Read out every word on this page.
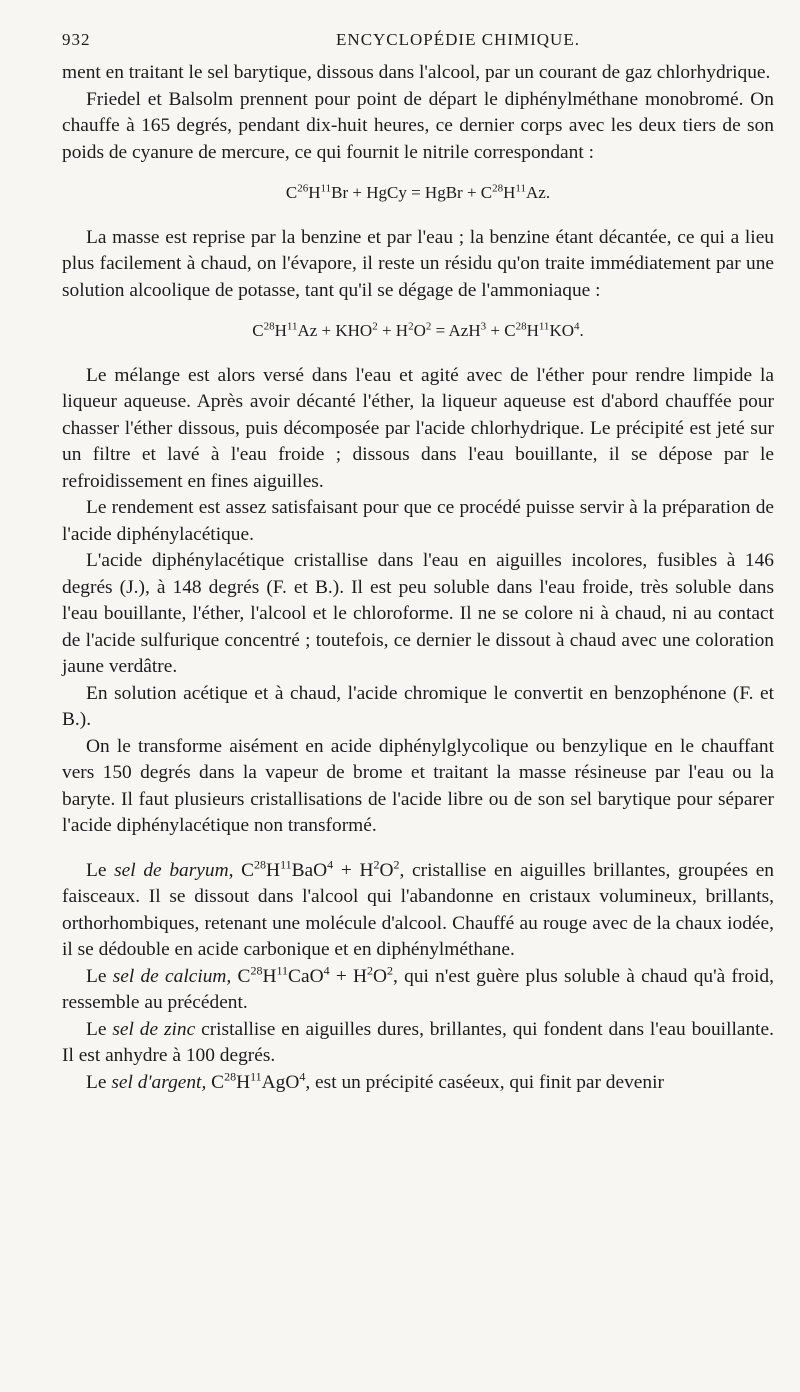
932	ENCYCLOPÉDIE CHIMIQUE.

ment en traitant le sel barytique, dissous dans l'alcool, par un courant de gaz chlorhydrique.

Friedel et Balsolm prennent pour point de départ le diphénylméthane monobromé. On chauffe à 165 degrés, pendant dix-huit heures, ce dernier corps avec les deux tiers de son poids de cyanure de mercure, ce qui fournit le nitrile correspondant :

$C^{26}H^{11}Br$ + HgCy = HgBr + $C^{28}H^{11}Az$.

La masse est reprise par la benzine et par l'eau ; la benzine étant décantée, ce qui a lieu plus facilement à chaud, on l'évapore, il reste un résidu qu'on traite immédiatement par une solution alcoolique de potasse, tant qu'il se dégage de l'ammoniaque :

$C^{28}H^{11}Az + KHO^2 + H^2O^2 = AzH^3 + C^{28}H^{11}KO^4$.

Le mélange est alors versé dans l'eau et agité avec de l'éther pour rendre limpide la liqueur aqueuse. Après avoir décanté l'éther, la liqueur aqueuse est d'abord chauffée pour chasser l'éther dissous, puis décomposée par l'acide chlorhydrique. Le précipité est jeté sur un filtre et lavé à l'eau froide ; dissous dans l'eau bouillante, il se dépose par le refroidissement en fines aiguilles.

Le rendement est assez satisfaisant pour que ce procédé puisse servir à la préparation de l'acide diphénylacétique.

L'acide diphénylacétique cristallise dans l'eau en aiguilles incolores, fusibles à 146 degrés (J.), à 148 degrés (F. et B.). Il est peu soluble dans l'eau froide, très soluble dans l'eau bouillante, l'éther, l'alcool et le chloroforme. Il ne se colore ni à chaud, ni au contact de l'acide sulfurique concentré ; toutefois, ce dernier le dissout à chaud avec une coloration jaune verdâtre.

En solution acétique et à chaud, l'acide chromique le convertit en benzophénone (F. et B.).

On le transforme aisément en acide diphénylglycolique ou benzylique en le chauffant vers 150 degrés dans la vapeur de brome et traitant la masse résineuse par l'eau ou la baryte. Il faut plusieurs cristallisations de l'acide libre ou de son sel barytique pour séparer l'acide diphénylacétique non transformé.

Le sel de baryum, $C^{28}H^{11}BaO^4 + H^2O^2$, cristallise en aiguilles brillantes, groupées en faisceaux. Il se dissout dans l'alcool qui l'abandonne en cristaux volumineux, brillants, orthorhombiques, retenant une molécule d'alcool. Chauffé au rouge avec de la chaux iodée, il se dédouble en acide carbonique et en diphénylméthane.

Le sel de calcium, $C^{28}H^{11}CaO^4 + H^2O^2$, qui n'est guère plus soluble à chaud qu'à froid, ressemble au précédent.

Le sel de zinc cristallise en aiguilles dures, brillantes, qui fondent dans l'eau bouillante. Il est anhydre à 100 degrés.

Le sel d'argent, $C^{28}H^{11}AgO^4$, est un précipité caséeux, qui finit par devenir
